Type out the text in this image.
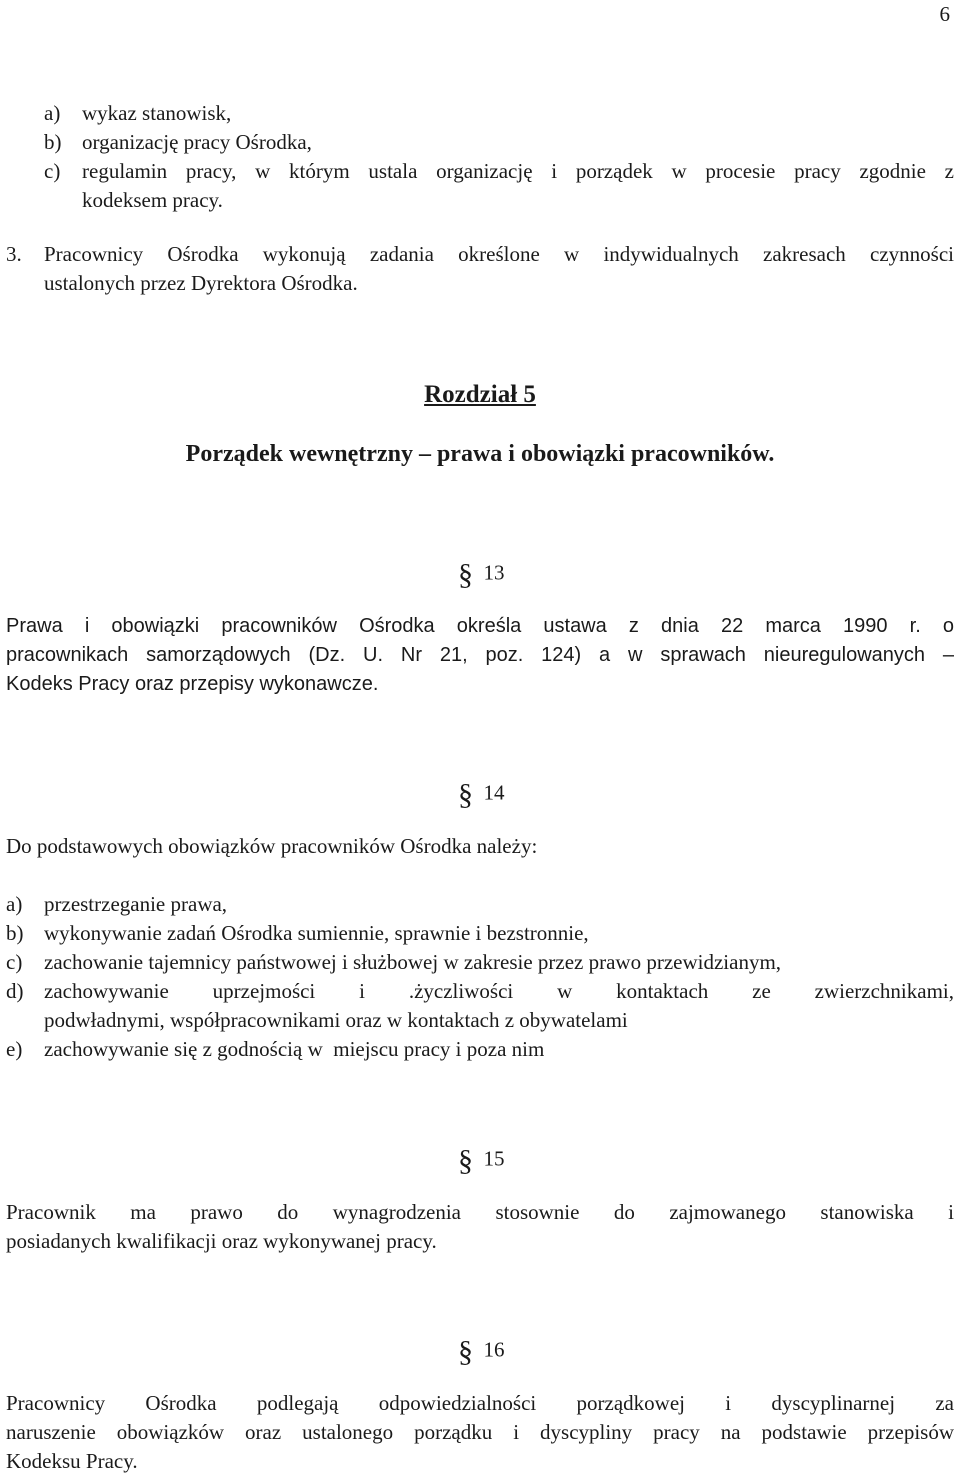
6
a)	wykaz stanowisk,
b) organizację pracy Ośrodka,
c)	regulamin pracy, w którym ustala organizację i porządek w procesie pracy zgodnie z
kodeksem pracy.
3.	Pracownicy Ośrodka wykonują zadania określone w indywidualnych zakresach czynności
ustalonych przez Dyrektora Ośrodka.
Rozdział 5
Porządek wewnętrzny – prawa i obowiązki pracowników.
§ 13
Prawa i obowiązki pracowników Ośrodka określa ustawa z dnia 22 marca 1990 r. o
pracownikach samorządowych (Dz. U. Nr 21, poz. 124) a w sprawach nieuregulowanych –
Kodeks Pracy oraz przepisy wykonawcze.
§ 14
Do podstawowych obowiązków pracowników Ośrodka należy:
a)	przestrzeganie prawa,
b) wykonywanie zadań Ośrodka sumiennie, sprawnie i bezstronnie,
c)	zachowanie tajemnicy państwowej i służbowej w zakresie przez prawo przewidzianym,
d) zachowywanie uprzejmości i .życzliwości w kontaktach ze zwierzchnikami,
podwładnymi, współpracownikami oraz w kontaktach z obywatelami
e)	zachowywanie się z godnością w  miejscu pracy i poza nim
§ 15
Pracownik ma prawo do wynagrodzenia stosownie do zajmowanego stanowiska i
posiadanych kwalifikacji oraz wykonywanej pracy.
§ 16
Pracownicy Ośrodka podlegają odpowiedzialności porządkowej i dyscyplinarnej za
naruszenie obowiązków oraz ustalonego porządku i dyscypliny pracy na podstawie przepisów
Kodeksu Pracy.
